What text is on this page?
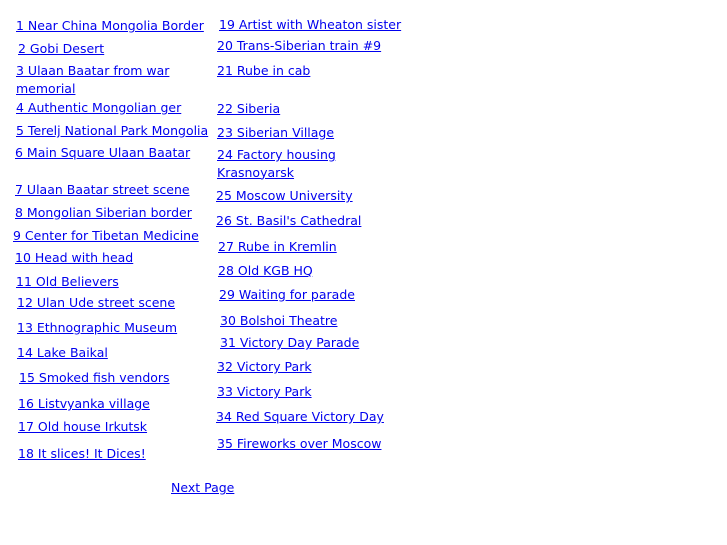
1 Near China Mongolia Border
2 Gobi Desert
3 Ulaan Baatar from war memorial
4 Authentic Mongolian ger
5 Terelj National Park Mongolia
6 Main Square Ulaan Baatar
7 Ulaan Baatar street scene
8 Mongolian Siberian border
9 Center for Tibetan Medicine
10 Head with head
11 Old Believers
12 Ulan Ude street scene
13 Ethnographic Museum
14 Lake Baikal
15 Smoked fish vendors
16 Listvyanka village
17 Old house Irkutsk
18 It slices! It Dices!
19 Artist with Wheaton sister
20 Trans-Siberian train #9
21 Rube in cab
22 Siberia
23 Siberian Village
24 Factory housing Krasnoyarsk
25 Moscow University
26 St. Basil's Cathedral
27 Rube in Kremlin
28 Old KGB HQ
29 Waiting for parade
30 Bolshoi Theatre
31 Victory Day Parade
32 Victory Park
33 Victory Park
34 Red Square Victory Day
35 Fireworks over Moscow
Next Page
